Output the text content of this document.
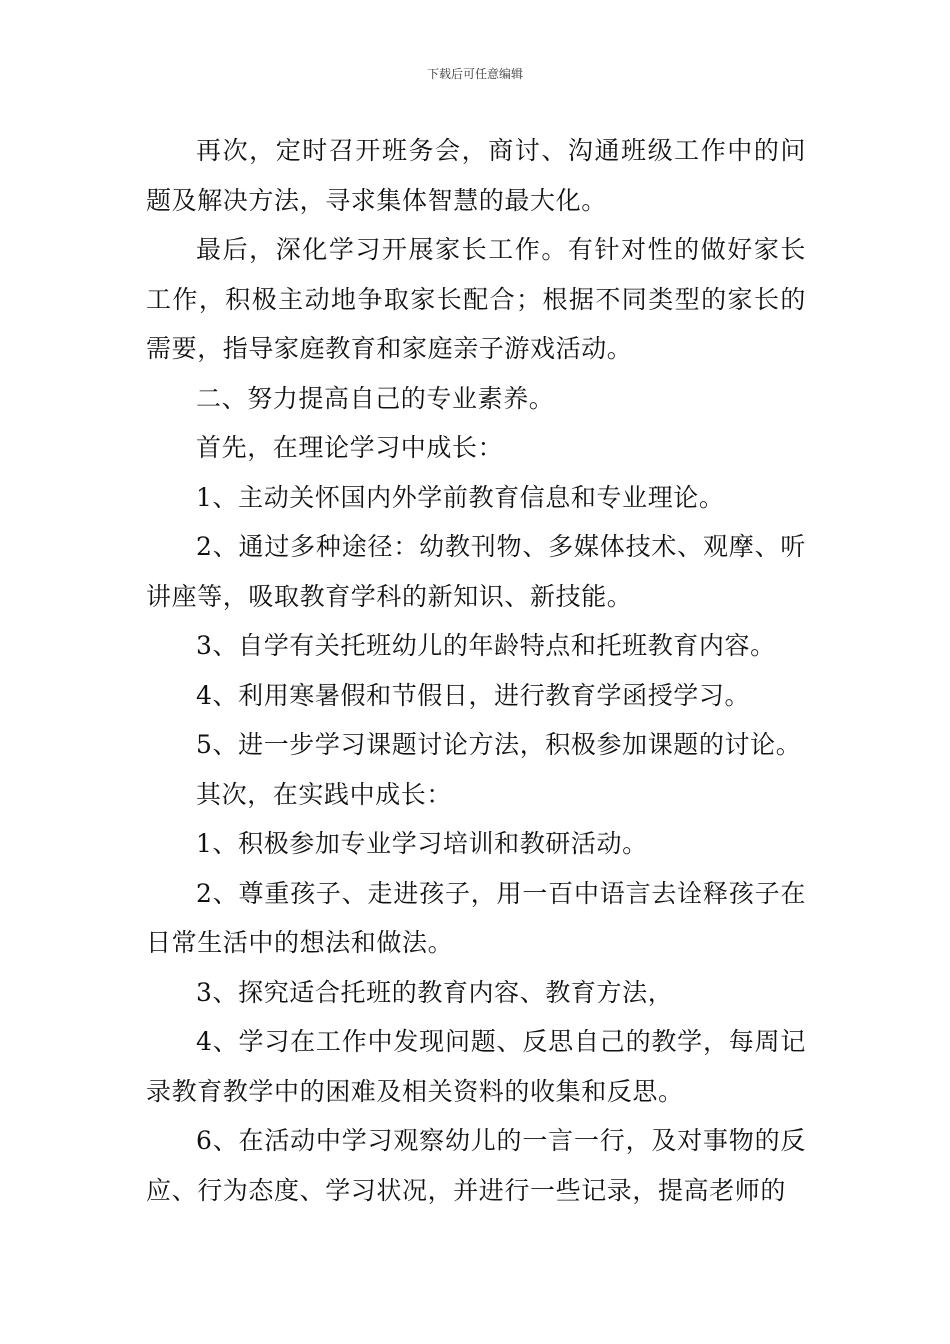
下载后可任意编辑

再次，定时召开班务会，商讨、沟通班级工作中的问题及解决方法，寻求集体智慧的最大化。

最后，深化学习开展家长工作。有针对性的做好家长工作，积极主动地争取家长配合；根据不同类型的家长的需要，指导家庭教育和家庭亲子游戏活动。

二、努力提高自己的专业素养。

首先，在理论学习中成长：

1、主动关怀国内外学前教育信息和专业理论。

2、通过多种途径：幼教刊物、多媒体技术、观摩、听讲座等，吸取教育学科的新知识、新技能。

3、自学有关托班幼儿的年龄特点和托班教育内容。

4、利用寒暑假和节假日，进行教育学函授学习。

5、进一步学习课题讨论方法，积极参加课题的讨论。

其次，在实践中成长：

1、积极参加专业学习培训和教研活动。

2、尊重孩子、走进孩子，用一百中语言去诠释孩子在日常生活中的想法和做法。

3、探究适合托班的教育内容、教育方法，

4、学习在工作中发现问题、反思自己的教学，每周记录教育教学中的困难及相关资料的收集和反思。

6、在活动中学习观察幼儿的一言一行，及对事物的反应、行为态度、学习状况，并进行一些记录，提高老师的
